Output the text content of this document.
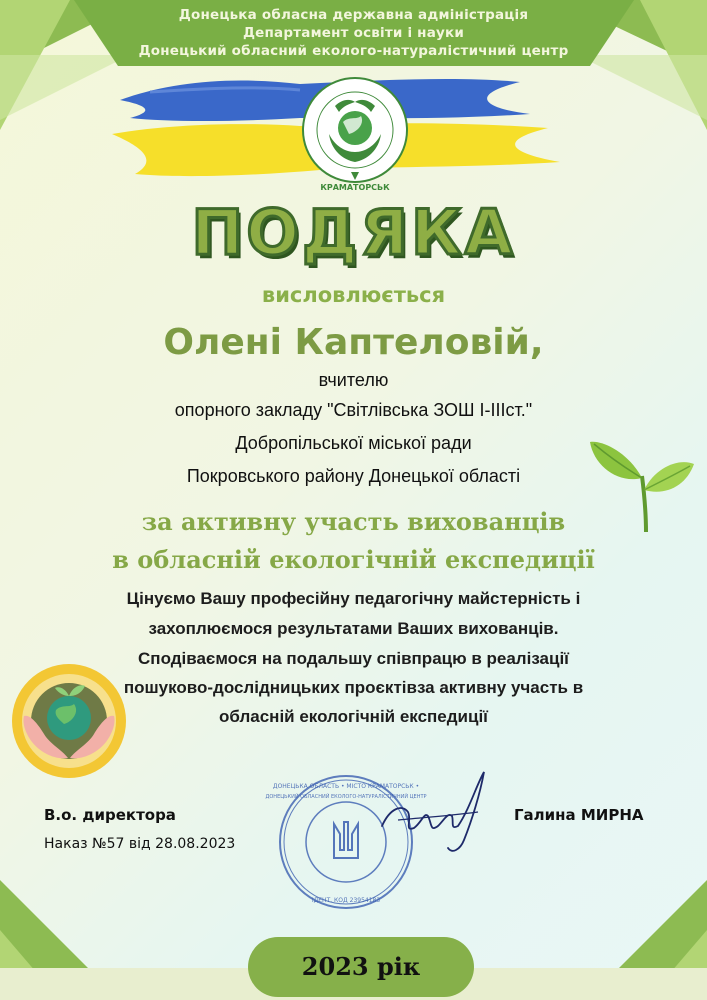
Донецька обласна державна адміністрація
Департамент освіти і науки
Донецький обласний еколого-натуралістичний центр
КРАМАТОРСЬК
ПОДЯКА
висловлюється
Олені Каптеловій,
вчителю
опорного закладу "Світлівська ЗОШ І-ІІІст."
Добропільської міської ради
Покровського району Донецької області
за активну участь вихованців
в обласній екологічній експедиції
Цінуємо Вашу професійну педагогічну майстерність і
захоплюємося результатами Ваших вихованців.
Сподіваємося на подальшу співпрацю в реалізації
пошуково-дослідницьких проєктівза активну участь в
обласній екологічній експедиції
В.о. директора
Наказ №57 від 28.08.2023
Галина МИРНА
ДОНЕЦЬКА ОБЛАСТЬ • МІСТО КРАМАТОРСЬК •
ДОНЕЦЬКИЙ ОБЛАСНИЙ ЕКОЛОГО-НАТУРАЛІСТИЧНИЙ ЦЕНТР
ІДЕНТ. КОД 23954183
2023 рік
